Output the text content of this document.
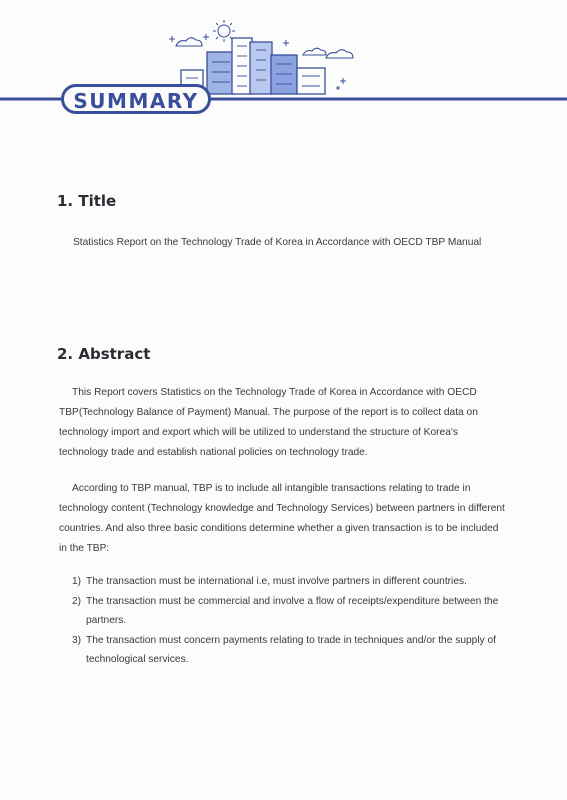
SUMMARY
1. Title

Statistics Report on the Technology Trade of Korea in Accordance with OECD TBP Manual

2. Abstract

This Report covers Statistics on the Technology Trade of Korea in Accordance with OECD TBP(Technology Balance of Payment) Manual. The purpose of the report is to collect data on technology import and export which will be utilized to understand the structure of Korea's technology trade and establish national policies on technology trade.

According to TBP manual, TBP is to include all intangible transactions relating to trade in technology content (Technology knowledge and Technology Services) between partners in different countries. And also three basic conditions determine whether a given transaction is to be included in the TBP:

1) The transaction must be international i.e, must involve partners in different countries.
2) The transaction must be commercial and involve a flow of receipts/expenditure between the partners.
3) The transaction must concern payments relating to trade in techniques and/or the supply of technological services.
